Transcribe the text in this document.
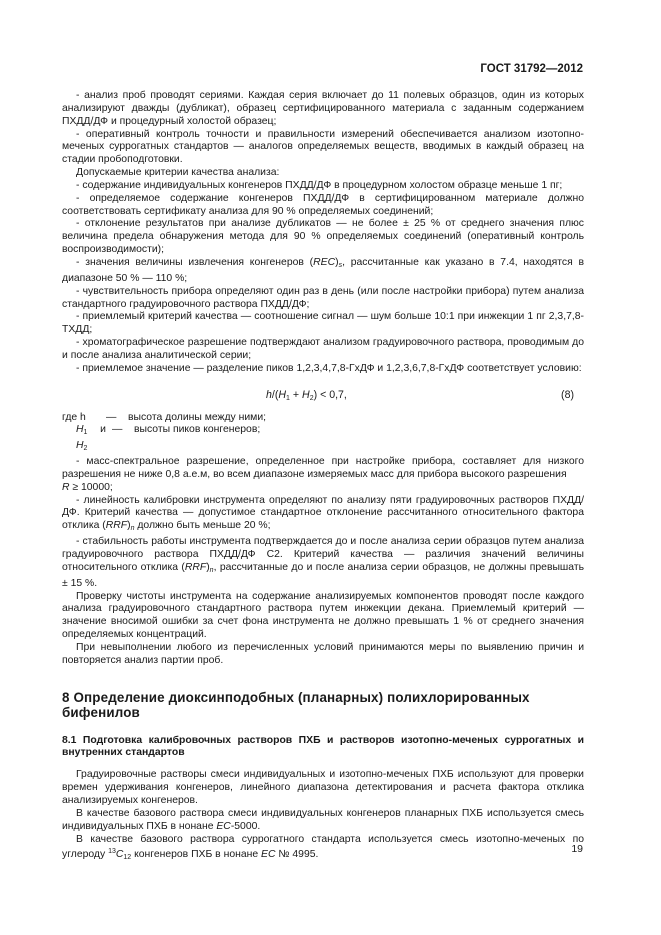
ГОСТ 31792—2012

- анализ проб проводят сериями. Каждая серия включает до 11 полевых образцов, один из которых анализируют дважды (дубликат), образец сертифицированного материала с заданным содержанием ПХДД/ДФ и процедурный холостой образец;

- оперативный контроль точности и правильности измерений обеспечивается анализом изотопно-меченых суррогатных стандартов — аналогов определяемых веществ, вводимых в каждый образец на стадии пробоподготовки.

Допускаемые критерии качества анализа:

- содержание индивидуальных конгенеров ПХДД/ДФ в процедурном холостом образце меньше 1 пг;

- определяемое содержание конгенеров ПХДД/ДФ в сертифицированном материале должно соответствовать сертификату анализа для 90 % определяемых соединений;

- отклонение результатов при анализе дубликатов — не более ± 25 % от среднего значения плюс величина предела обнаружения метода для 90 % определяемых соединений (оперативный контроль воспроизводимости);

- значения величины извлечения конгенеров $(REC)_s$, рассчитанные как указано в 7.4, находятся в диапазоне 50 % — 110 %;

- чувствительность прибора определяют один раз в день (или после настройки прибора) путем анализа стандартного градуировочного раствора ПХДД/ДФ;

- приемлемый критерий качества — соотношение сигнал — шум больше 10:1 при инжекции 1 пг 2,3,7,8-ТХДД;

- хроматографическое разрешение подтверждают анализом градуировочного раствора, проводимым до и после анализа аналитической серии;

- приемлемое значение — разделение пиков 1,2,3,4,7,8-ГхДФ и 1,2,3,6,7,8-ГхДФ соответствует условию:

$h/(H_1 + H_2) < 0,7$,	(8)
где h	—	высота долины между ними;
$H_1$ и $H_2$
—	высоты пиков конгенеров;

- масс-спектральное разрешение, определенное при настройке прибора, составляет для низкого разрешения не ниже 0,8 а.е.м, во всем диапазоне измеряемых масс для прибора высокого разрешения

R ≥ 10000;

- линейность калибровки инструмента определяют по анализу пяти градуировочных растворов ПХДД/ДФ. Критерий качества — допустимое стандартное отклонение рассчитанного относительного фактора отклика $(RRF)_n$ должно быть меньше 20 %;

- стабильность работы инструмента подтверждается до и после анализа серии образцов путем анализа градуировочного раствора ПХДД/ДФ С2. Критерий качества — различия значений величины относительного отклика $(RRF)_n$, рассчитанные до и после анализа серии образцов, не должны превышать ± 15 %.

Проверку чистоты инструмента на содержание анализируемых компонентов проводят после каждого анализа градуировочного стандартного раствора путем инжекции декана. Приемлемый критерий — значение вносимой ошибки за счет фона инструмента не должно превышать 1 % от среднего значения определяемых концентраций.

При невыполнении любого из перечисленных условий принимаются меры по выявлению причин и повторяется анализ партии проб.

8 Определение диоксинподобных (планарных) полихлорированных бифенилов
8.1 Подготовка калибровочных растворов ПХБ и растворов изотопно-меченых суррогатных и внутренних стандартов

Градуировочные растворы смеси индивидуальных и изотопно-меченых ПХБ используют для проверки времен удерживания конгенеров, линейного диапазона детектирования и расчета фактора отклика анализируемых конгенеров.

В качестве базового раствора смеси индивидуальных конгенеров планарных ПХБ используется смесь индивидуальных ПХБ в нонане EC-5000.

В качестве базового раствора суррогатного стандарта используется смесь изотопно-меченых по углероду $^{13}C_{12}$ конгенеров ПХБ в нонане EC № 4995.	19
